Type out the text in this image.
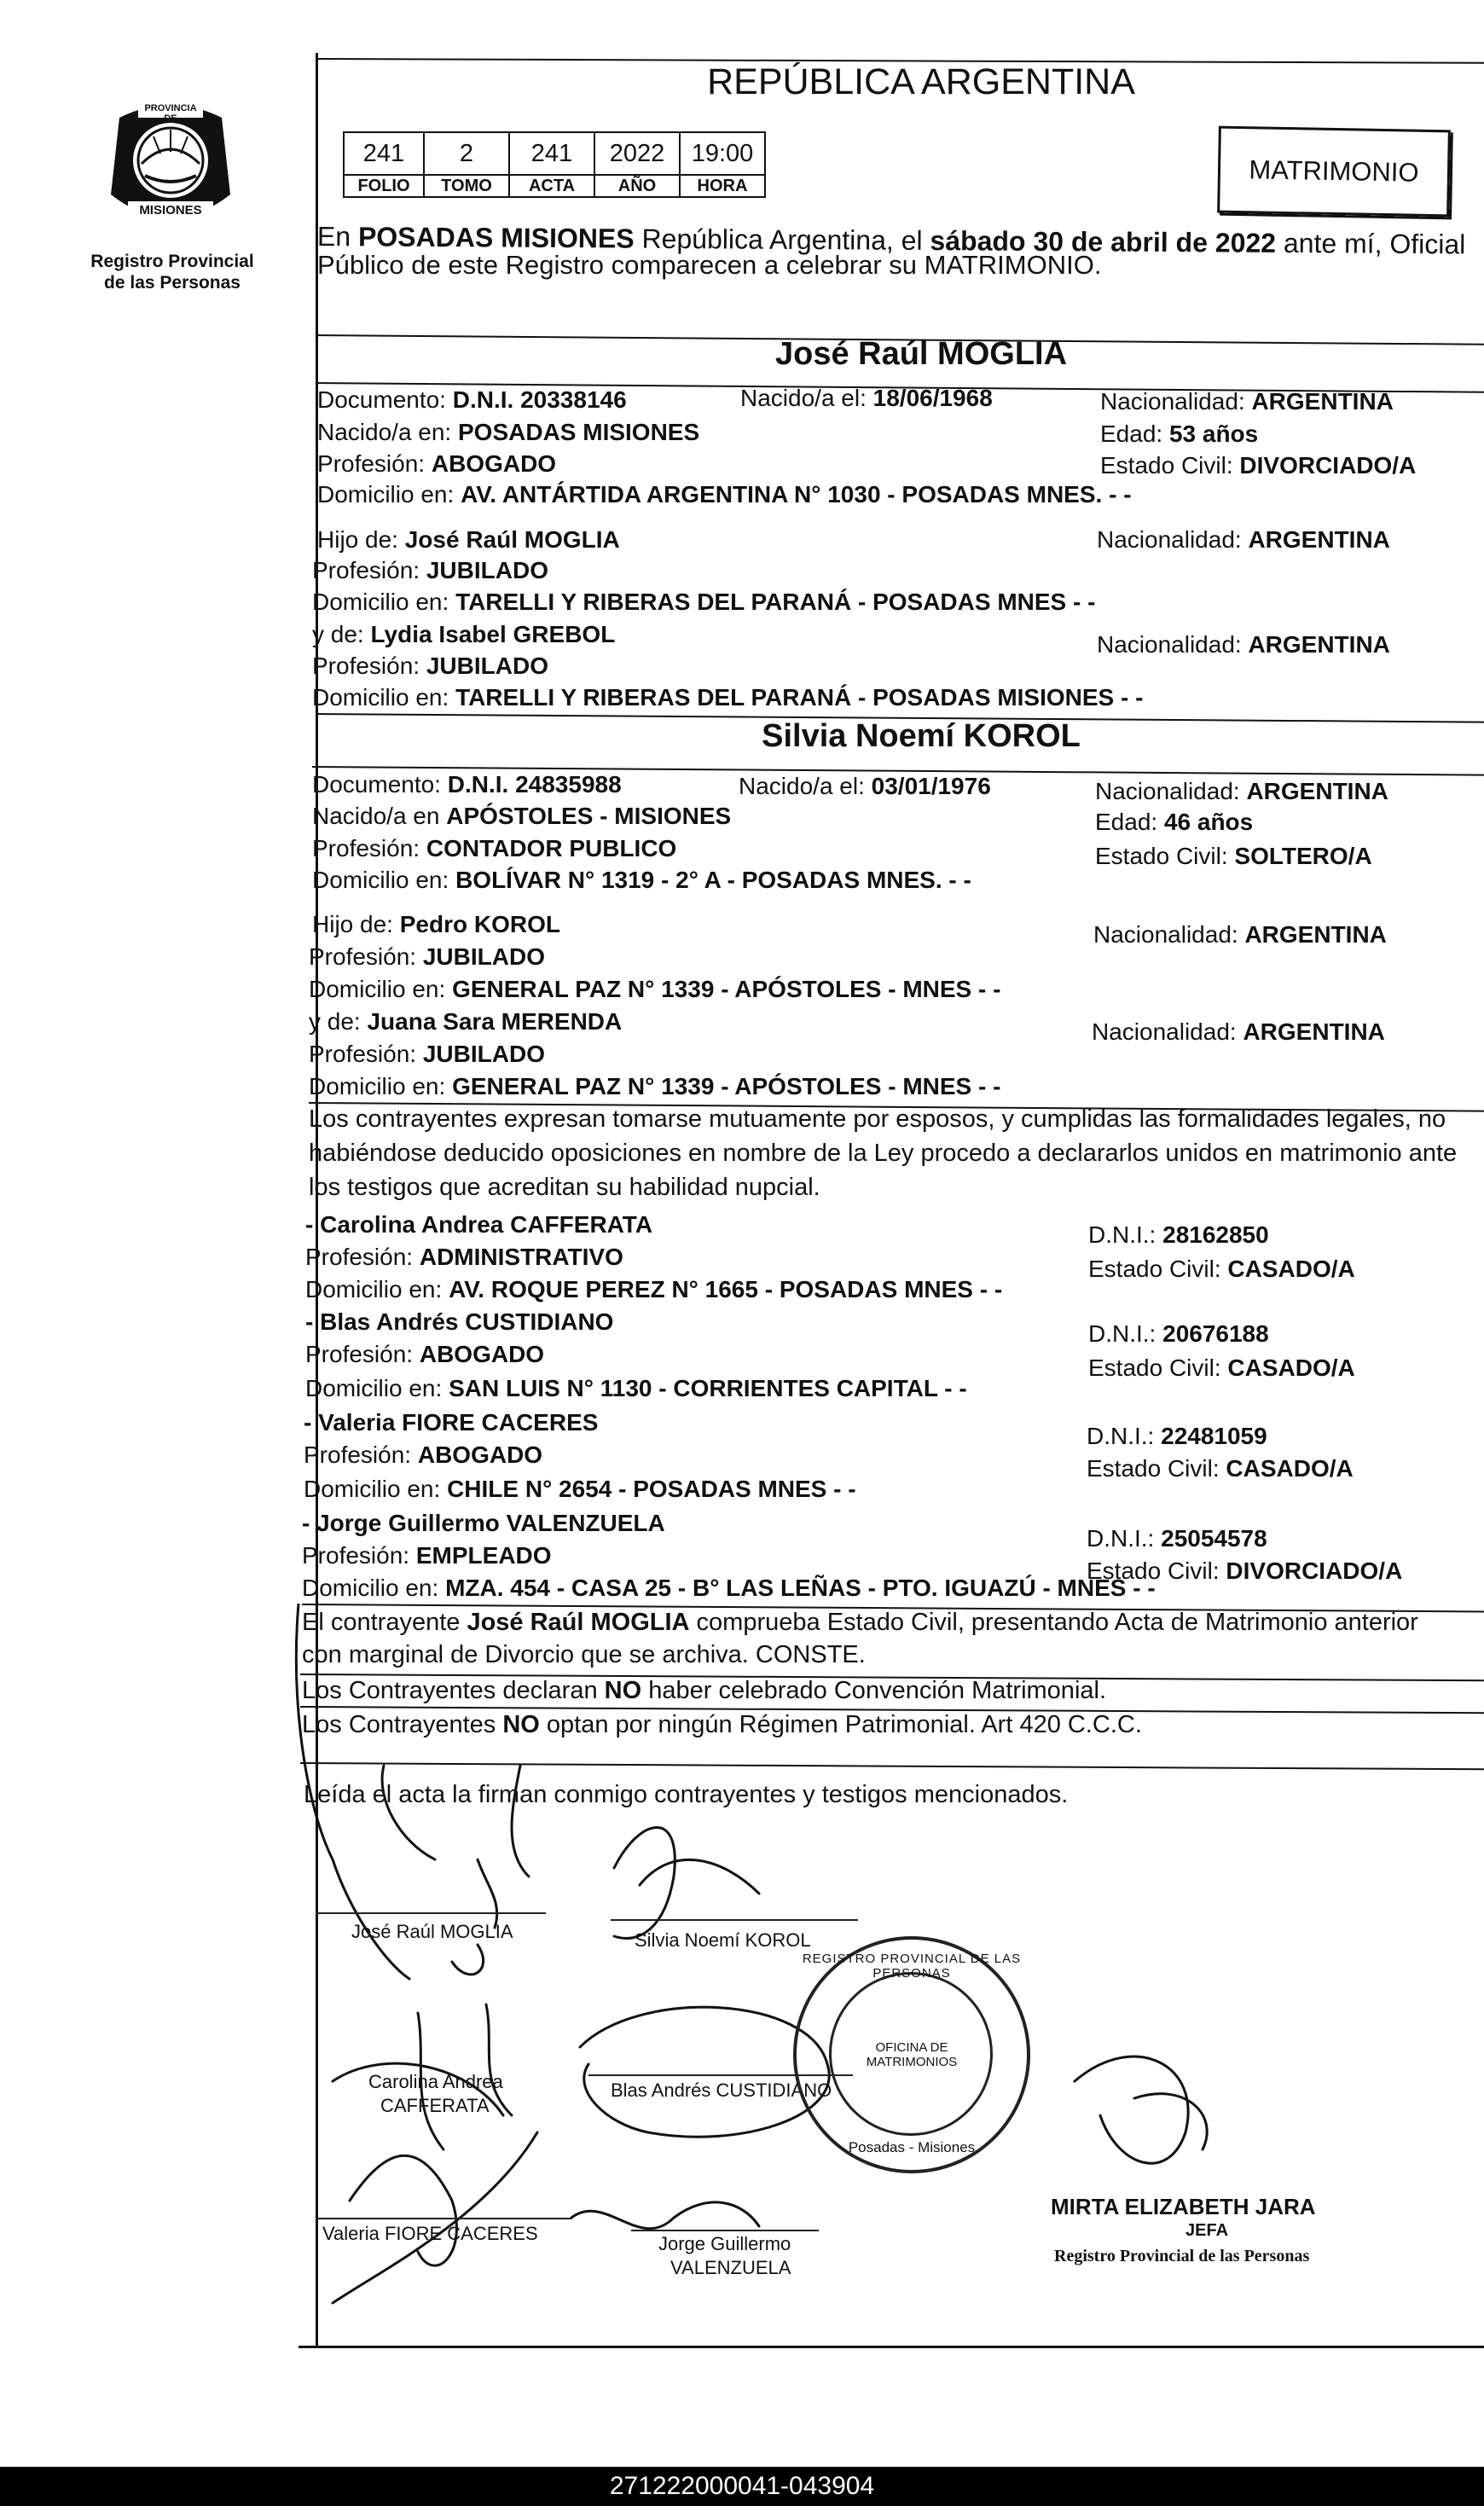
PROVINCIA DE
MISIONES
Registro Provincial
de las Personas
REPÚBLICA ARGENTINA
241	2	241	2022	19:00
FOLIO	TOMO	ACTA	AÑO	HORA	MATRIMONIO
En POSADAS MISIONES República Argentina, el sábado 30 de abril de 2022 ante mí, Oficial
Público de este Registro comparecen a celebrar su MATRIMONIO.
José Raúl MOGLIA
Documento: D.N.I. 20338146	Nacido/a el: 18/06/1968	Nacionalidad: ARGENTINA
Nacido/a en: POSADAS MISIONES	Edad: 53 años
Profesión: ABOGADO	Estado Civil: DIVORCIADO/A
Domicilio en: AV. ANTÁRTIDA ARGENTINA N° 1030 - POSADAS MNES. - -
Hijo de: José Raúl MOGLIA	Nacionalidad: ARGENTINA
Profesión: JUBILADO
Domicilio en: TARELLI Y RIBERAS DEL PARANÁ - POSADAS MNES - -
y de: Lydia Isabel GREBOL	Nacionalidad: ARGENTINA
Profesión: JUBILADO
Domicilio en: TARELLI Y RIBERAS DEL PARANÁ - POSADAS MISIONES - -
Silvia Noemí KOROL
Documento: D.N.I. 24835988	Nacido/a el: 03/01/1976	Nacionalidad: ARGENTINA
Nacido/a en APÓSTOLES - MISIONES	Edad: 46 años
Profesión: CONTADOR PUBLICO	Estado Civil: SOLTERO/A
Domicilio en: BOLÍVAR N° 1319 - 2° A - POSADAS MNES. - -
Hijo de: Pedro KOROL	Nacionalidad: ARGENTINA
Profesión: JUBILADO
Domicilio en: GENERAL PAZ N° 1339 - APÓSTOLES - MNES - -
y de: Juana Sara MERENDA	Nacionalidad: ARGENTINA
Profesión: JUBILADO
Domicilio en: GENERAL PAZ N° 1339 - APÓSTOLES - MNES - -
Los contrayentes expresan tomarse mutuamente por esposos, y cumplidas las formalidades legales, no
habiéndose deducido oposiciones en nombre de la Ley procedo a declararlos unidos en matrimonio ante
los testigos que acreditan su habilidad nupcial.
- Carolina Andrea CAFFERATA	D.N.I.: 28162850
Profesión: ADMINISTRATIVO	Estado Civil: CASADO/A
Domicilio en: AV. ROQUE PEREZ N° 1665 - POSADAS MNES - -
- Blas Andrés CUSTIDIANO	D.N.I.: 20676188
Profesión: ABOGADO
Estado Civil: CASADO/A
Domicilio en: SAN LUIS N° 1130 - CORRIENTES CAPITAL - -
- Valeria FIORE CACERES
D.N.I.: 22481059
Profesión: ABOGADO
Estado Civil: CASADO/A
Domicilio en: CHILE N° 2654 - POSADAS MNES - -
- Jorge Guillermo VALENZUELA
D.N.I.: 25054578
Profesión: EMPLEADO
Estado Civil: DIVORCIADO/A
Domicilio en: MZA. 454 - CASA 25 - B° LAS LEÑAS - PTO. IGUAZÚ - MNES - -
El contrayente José Raúl MOGLIA comprueba Estado Civil, presentando Acta de Matrimonio anterior
con marginal de Divorcio que se archiva. CONSTE.
Los Contrayentes declaran NO haber celebrado Convención Matrimonial.
Los Contrayentes NO optan por ningún Régimen Patrimonial. Art 420 C.C.C.
Leída el acta la firman conmigo contrayentes y testigos mencionados.
José Raúl MOGLIA	Silvia Noemí KOROL
Carolina Andrea
CAFFERATA
Blas Andrés CUSTIDIANO
Valeria FIORE CACERES	Jorge Guillermo
VALENZUELA
REGISTRO PROVINCIAL DE LAS PERSONAS
OFICINA DE MATRIMONIOS
Posadas - Misiones
MIRTA ELIZABETH JARA
JEFA
Registro Provincial de las Personas
271222000041-043904
